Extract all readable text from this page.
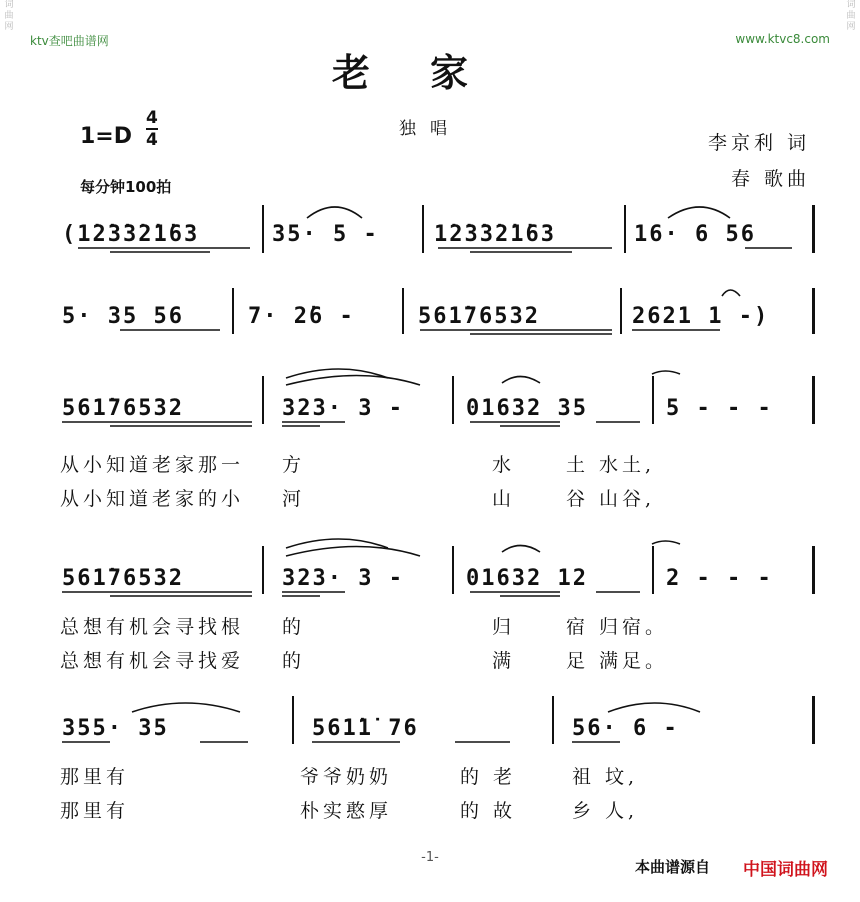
词
曲
网
词
曲
网
ktv查吧曲谱网	www.ktvc8.com
老家
独唱
1=D
4
4
每分钟100拍
李京利 词
春 歌曲
(1̇2̇3̇3̇2̇1̇63	35· 5 -	1̇2̇3̇3̇2̇1̇63	16· 6 56
5· 35 56	7· 2̇6 -	561̇76532	2621 1 -)
561̇76532	323· 3 -	01632 35	5 - - -
从小知道老家那一 方	水	土 水土,
从小知道老家的小 河	山	谷 山谷,
561̇76532	323· 3 -	01632 12	2 - - -
总想有机会寻找根 的	归	宿 归宿。
总想有机会寻找爱 的	满	足 满足。
355· 35	561̇1̇ 76	56· 6 -
那里有	爷爷奶奶	的 老	祖 坟,
那里有	朴实憨厚	的 故	乡 人,
-1-
本曲谱源自 中国词曲网
